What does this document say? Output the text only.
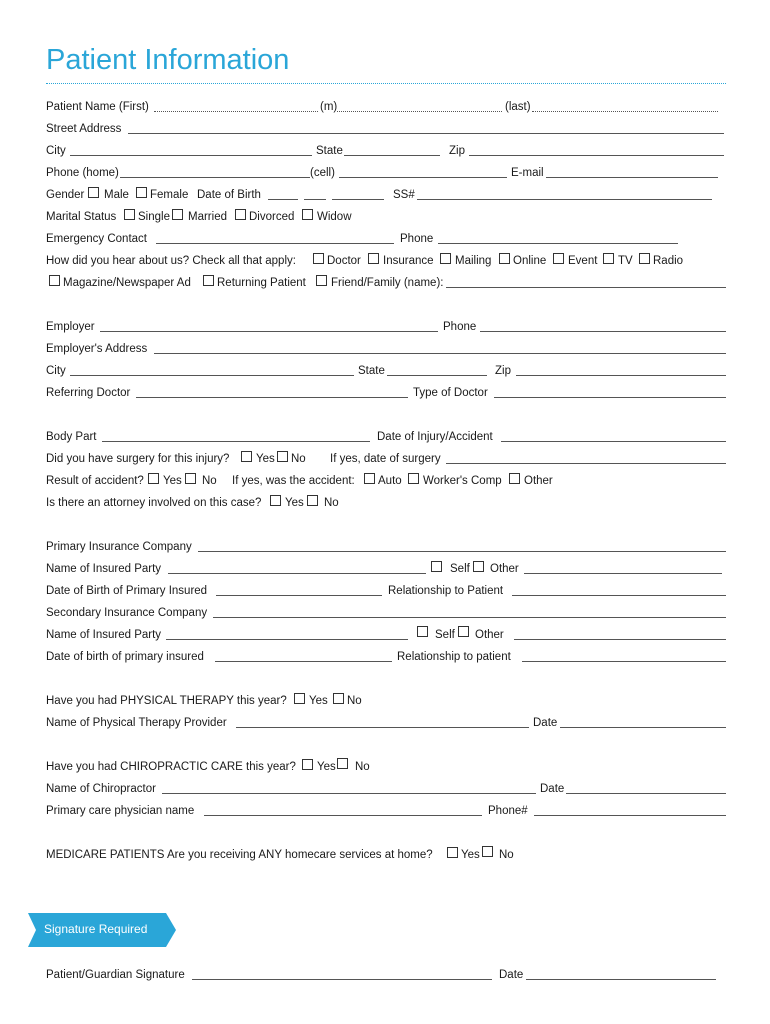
Patient Information
Patient Name (First)	(m)	(last)
Street Address
City	State	Zip
Phone (home)	(cell)	E-mail
Gender Male Female Date of Birth	SS#
Marital Status Single Married Divorced Widow
Emergency Contact	Phone
How did you hear about us? Check all that apply:	Doctor Insurance Mailing Online Event TV Radio
Magazine/Newspaper Ad Returning Patient Friend/Family (name):
Employer	Phone
Employer's Address
City	State	Zip
Referring Doctor	Type of Doctor
Body Part	Date of Injury/Accident
Did you have surgery for this injury? Yes No If yes, date of surgery
Result of accident? Yes No If yes, was the accident: Auto Worker's Comp Other
Is there an attorney involved on this case? Yes No
Primary Insurance Company
Name of Insured Party	Self Other
Date of Birth of Primary Insured	Relationship to Patient
Secondary Insurance Company
Name of Insured Party	Self Other
Date of birth of primary insured	Relationship to patient
Have you had PHYSICAL THERAPY this year? Yes No
Name of Physical Therapy Provider	Date
Have you had CHIROPRACTIC CARE this year? Yes No
Name of Chiropractor	Date
Primary care physician name	Phone#
MEDICARE PATIENTS Are you receiving ANY homecare services at home? Yes No
Signature Required
Patient/Guardian Signature	Date
